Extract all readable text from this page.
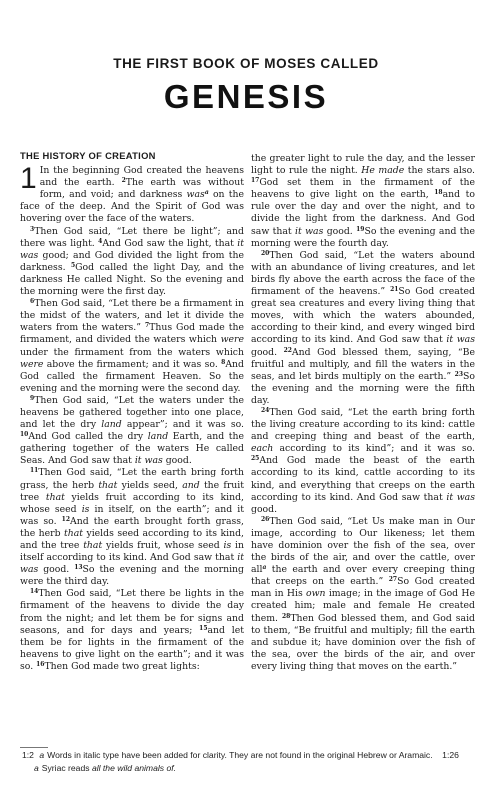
THE FIRST BOOK OF MOSES CALLED
GENESIS
THE HISTORY OF CREATION

1 In the beginning God created the heavens and the earth. $^2$The earth was without form, and void; and darkness was$^a$ on the face of the deep. And the Spirit of God was hovering over the face of the waters.

$^3$Then God said, “Let there be light”; and there was light. $^4$And God saw the light, that it was good; and God divided the light from the darkness. $^5$God called the light Day, and the darkness He called Night. So the evening and the morning were the first day.

$^6$Then God said, “Let there be a firmament in the midst of the waters, and let it divide the waters from the waters.” $^7$Thus God made the firmament, and divided the waters which were under the firmament from the waters which were above the firmament; and it was so. $^8$And God called the firmament Heaven. So the evening and the morning were the second day.

$^9$Then God said, “Let the waters under the heavens be gathered together into one place, and let the dry land appear”; and it was so. $^{10}$And God called the dry land Earth, and the gathering together of the waters He called Seas. And God saw that it was good.

$^{11}$Then God said, “Let the earth bring forth grass, the herb that yields seed, and the fruit tree that yields fruit according to its kind, whose seed is in itself, on the earth”; and it was so. $^{12}$And the earth brought forth grass, the herb that yields seed according to its kind, and the tree that yields fruit, whose seed is in itself according to its kind. And God saw that it was good. $^{13}$So the evening and the morning were the third day.

$^{14}$Then God said, “Let there be lights in the firmament of the heavens to divide the day from the night; and let them be for signs and seasons, and for days and years; $^{15}$and let them be for lights in the firmament of the heavens to give light on the earth”; and it was so. $^{16}$Then God made two great lights:

the greater light to rule the day, and the lesser light to rule the night. He made the stars also. $^{17}$God set them in the firmament of the heavens to give light on the earth, $^{18}$and to rule over the day and over the night, and to divide the light from the darkness. And God saw that it was good. $^{19}$So the evening and the morning were the fourth day.

$^{20}$Then God said, “Let the waters abound with an abundance of living creatures, and let birds fly above the earth across the face of the firmament of the heavens.” $^{21}$So God created great sea creatures and every living thing that moves, with which the waters abounded, according to their kind, and every winged bird according to its kind. And God saw that it was good. $^{22}$And God blessed them, saying, “Be fruitful and multiply, and fill the waters in the seas, and let birds multiply on the earth.” $^{23}$So the evening and the morning were the fifth day.

$^{24}$Then God said, “Let the earth bring forth the living creature according to its kind: cattle and creeping thing and beast of the earth, each according to its kind”; and it was so. $^{25}$And God made the beast of the earth according to its kind, cattle according to its kind, and everything that creeps on the earth according to its kind. And God saw that it was good.

$^{26}$Then God said, “Let Us make man in Our image, according to Our likeness; let them have dominion over the fish of the sea, over the birds of the air, and over the cattle, over all$^a$ the earth and over every creeping thing that creeps on the earth.” $^{27}$So God created man in His own image; in the image of God He created him; male and female He created them. $^{28}$Then God blessed them, and God said to them, “Be fruitful and multiply; fill the earth and subdue it; have dominion over the fish of the sea, over the birds of the air, and over every living thing that moves on the earth.”

1:2 a Words in italic type have been added for clarity. They are not found in the original Hebrew or Aramaic.    1:26 a Syriac reads all the wild animals of.
